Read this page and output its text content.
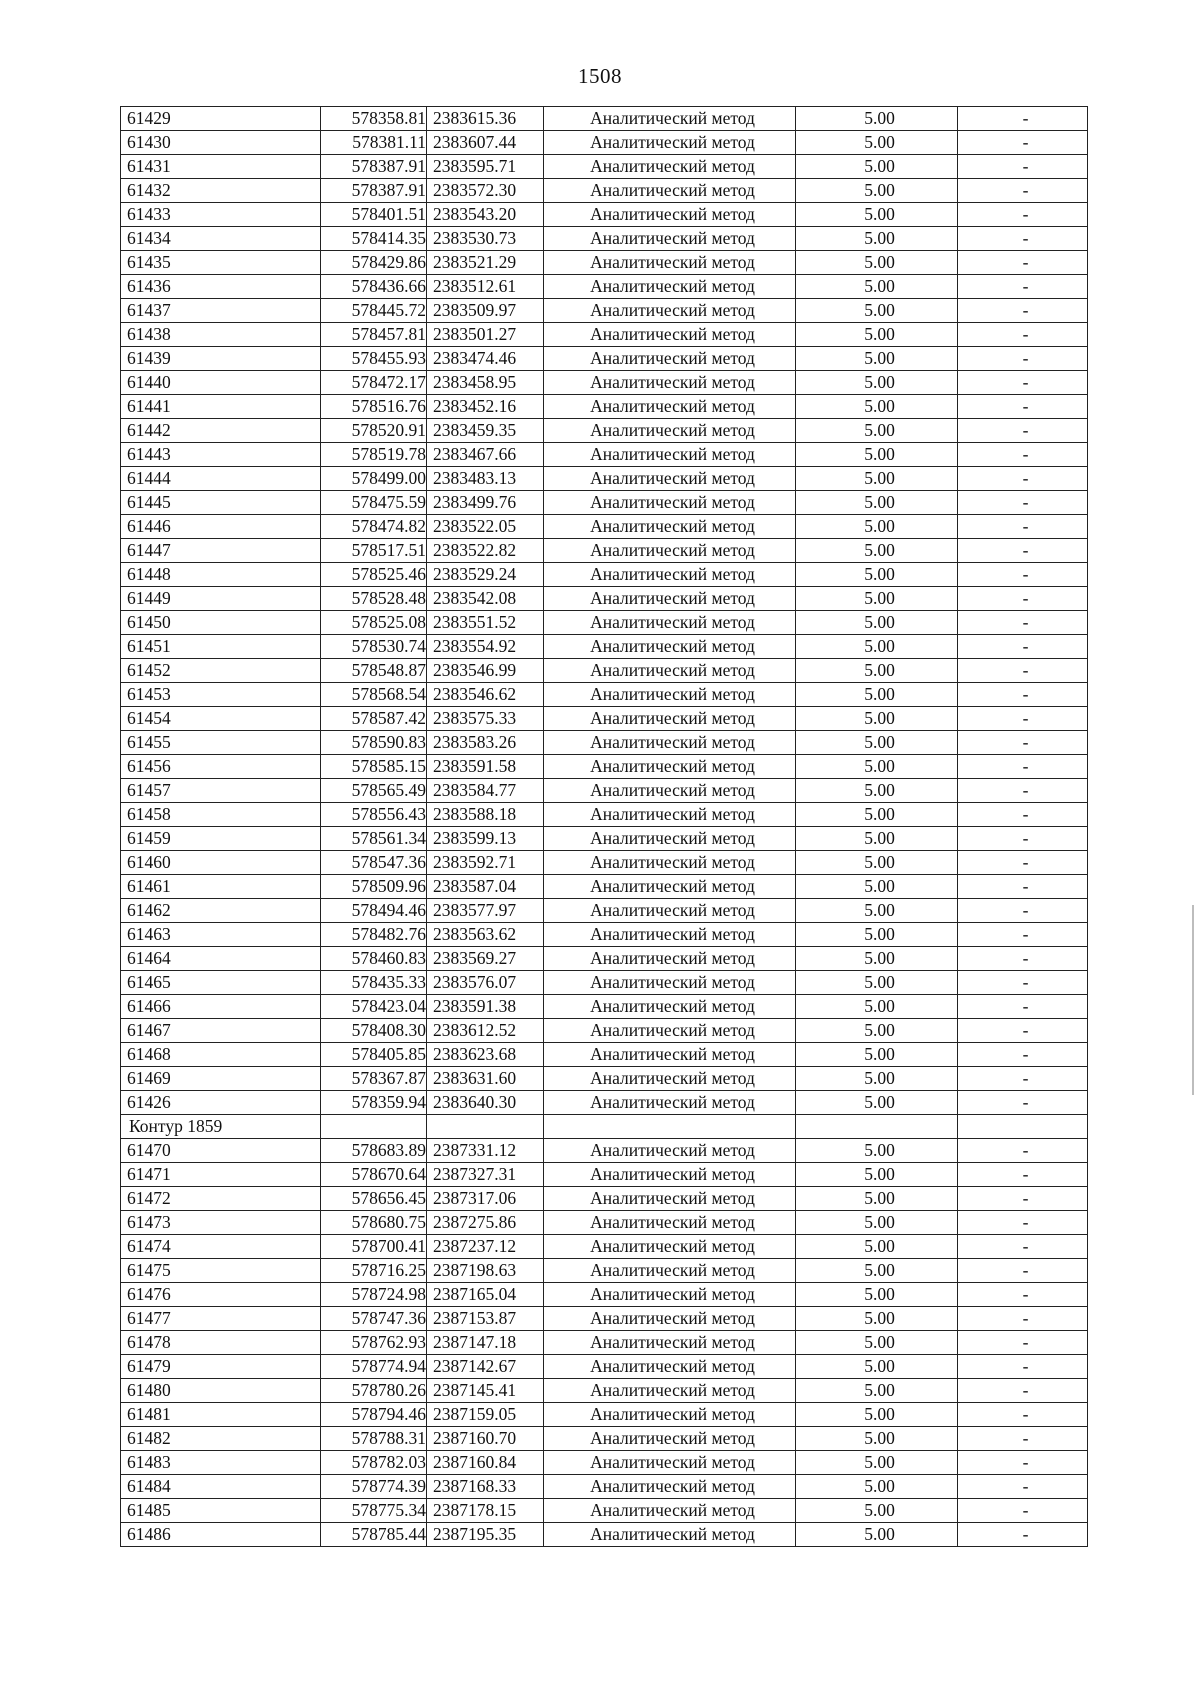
1508
61429	578358.81	2383615.36	Аналитический метод	5.00	-
61430	578381.11	2383607.44	Аналитический метод	5.00	-
61431	578387.91	2383595.71	Аналитический метод	5.00	-
61432	578387.91	2383572.30	Аналитический метод	5.00	-
61433	578401.51	2383543.20	Аналитический метод	5.00	-
61434	578414.35	2383530.73	Аналитический метод	5.00	-
61435	578429.86	2383521.29	Аналитический метод	5.00	-
61436	578436.66	2383512.61	Аналитический метод	5.00	-
61437	578445.72	2383509.97	Аналитический метод	5.00	-
61438	578457.81	2383501.27	Аналитический метод	5.00	-
61439	578455.93	2383474.46	Аналитический метод	5.00	-
61440	578472.17	2383458.95	Аналитический метод	5.00	-
61441	578516.76	2383452.16	Аналитический метод	5.00	-
61442	578520.91	2383459.35	Аналитический метод	5.00	-
61443	578519.78	2383467.66	Аналитический метод	5.00	-
61444	578499.00	2383483.13	Аналитический метод	5.00	-
61445	578475.59	2383499.76	Аналитический метод	5.00	-
61446	578474.82	2383522.05	Аналитический метод	5.00	-
61447	578517.51	2383522.82	Аналитический метод	5.00	-
61448	578525.46	2383529.24	Аналитический метод	5.00	-
61449	578528.48	2383542.08	Аналитический метод	5.00	-
61450	578525.08	2383551.52	Аналитический метод	5.00	-
61451	578530.74	2383554.92	Аналитический метод	5.00	-
61452	578548.87	2383546.99	Аналитический метод	5.00	-
61453	578568.54	2383546.62	Аналитический метод	5.00	-
61454	578587.42	2383575.33	Аналитический метод	5.00	-
61455	578590.83	2383583.26	Аналитический метод	5.00	-
61456	578585.15	2383591.58	Аналитический метод	5.00	-
61457	578565.49	2383584.77	Аналитический метод	5.00	-
61458	578556.43	2383588.18	Аналитический метод	5.00	-
61459	578561.34	2383599.13	Аналитический метод	5.00	-
61460	578547.36	2383592.71	Аналитический метод	5.00	-
61461	578509.96	2383587.04	Аналитический метод	5.00	-
61462	578494.46	2383577.97	Аналитический метод	5.00	-
61463	578482.76	2383563.62	Аналитический метод	5.00	-
61464	578460.83	2383569.27	Аналитический метод	5.00	-
61465	578435.33	2383576.07	Аналитический метод	5.00	-
61466	578423.04	2383591.38	Аналитический метод	5.00	-
61467	578408.30	2383612.52	Аналитический метод	5.00	-
61468	578405.85	2383623.68	Аналитический метод	5.00	-
61469	578367.87	2383631.60	Аналитический метод	5.00	-
61426	578359.94	2383640.30	Аналитический метод	5.00	-
Контур 1859					
61470	578683.89	2387331.12	Аналитический метод	5.00	-
61471	578670.64	2387327.31	Аналитический метод	5.00	-
61472	578656.45	2387317.06	Аналитический метод	5.00	-
61473	578680.75	2387275.86	Аналитический метод	5.00	-
61474	578700.41	2387237.12	Аналитический метод	5.00	-
61475	578716.25	2387198.63	Аналитический метод	5.00	-
61476	578724.98	2387165.04	Аналитический метод	5.00	-
61477	578747.36	2387153.87	Аналитический метод	5.00	-
61478	578762.93	2387147.18	Аналитический метод	5.00	-
61479	578774.94	2387142.67	Аналитический метод	5.00	-
61480	578780.26	2387145.41	Аналитический метод	5.00	-
61481	578794.46	2387159.05	Аналитический метод	5.00	-
61482	578788.31	2387160.70	Аналитический метод	5.00	-
61483	578782.03	2387160.84	Аналитический метод	5.00	-
61484	578774.39	2387168.33	Аналитический метод	5.00	-
61485	578775.34	2387178.15	Аналитический метод	5.00	-
61486	578785.44	2387195.35	Аналитический метод	5.00	-
